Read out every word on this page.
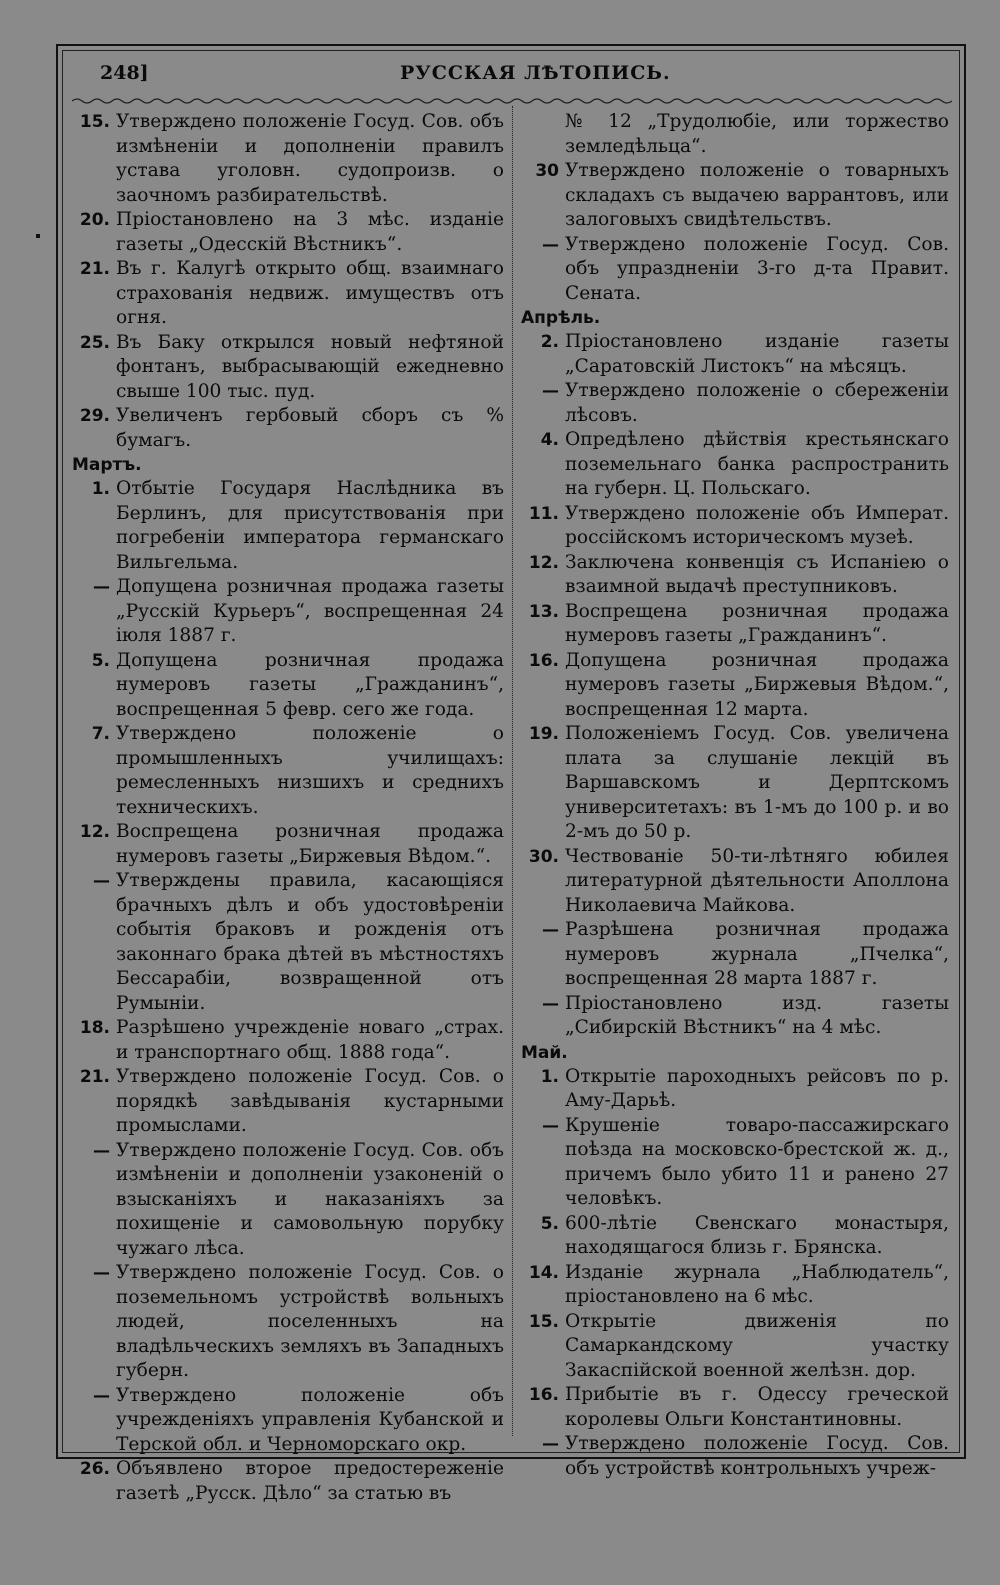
248]	РУССКАЯ ЛѢТОПИСЬ.
15. Утверждено положеніе Госуд. Сов. объ измѣненіи и дополненіи правилъ устава уголовн. судопроизв. о заочномъ разбирательствѣ.
20. Пріостановлено на 3 мѣс. изданіе газеты „Одесскій Вѣстникъ“.
21. Въ г. Калугѣ открыто общ. взаимнаго страхованія недвиж. имуществъ отъ огня.
25. Въ Баку открылся новый нефтяной фонтанъ, выбрасывающій ежедневно свыше 100 тыс. пуд.
29. Увеличенъ гербовый сборъ съ % бумагъ.
Мартъ.
1. Отбытіе Государя Наслѣдника въ Берлинъ, для присутствованія при погребеніи императора германскаго Вильгельма.
— Допущена розничная продажа газеты „Русскій Курьеръ“, воспрещенная 24 іюля 1887 г.
5. Допущена розничная продажа нумеровъ газеты „Гражданинъ“, воспрещенная 5 февр. сего же года.
7. Утверждено положеніе о промышленныхъ училищахъ: ремесленныхъ низшихъ и среднихъ техническихъ.
12. Воспрещена розничная продажа нумеровъ газеты „Биржевыя Вѣдом.“.
— Утверждены правила, касающіяся брачныхъ дѣлъ и объ удостовѣреніи событія браковъ и рожденія отъ законнаго брака дѣтей въ мѣстностяхъ Бессарабіи, возвращенной отъ Румыніи.
18. Разрѣшено учрежденіе новаго „страх. и транспортнаго общ. 1888 года“.
21. Утверждено положеніе Госуд. Сов. о порядкѣ завѣдыванія кустарными промыслами.
— Утверждено положеніе Госуд. Сов. объ измѣненіи и дополненіи узаконеній о взысканіяхъ и наказаніяхъ за похищеніе и самовольную порубку чужаго лѣса.
— Утверждено положеніе Госуд. Сов. о поземельномъ устройствѣ вольныхъ людей, поселенныхъ на владѣльческихъ земляхъ въ Западныхъ губерн.
— Утверждено положеніе объ учрежденіяхъ управленія Кубанской и Терской обл. и Черноморскаго окр.
26. Объявлено второе предостереженіе газетѣ „Русск. Дѣло“ за статью въ
№ 12 „Трудолюбіе, или торжество земледѣльца“.
30 Утверждено положеніе о товарныхъ складахъ съ выдачею варрантовъ, или залоговыхъ свидѣтельствъ.
— Утверждено положеніе Госуд. Сов. объ упраздненіи 3-го д-та Правит. Сената.
Апрѣль.
2. Пріостановлено изданіе газеты „Саратовскій Листокъ“ на мѣсяцъ.
— Утверждено положеніе о сбереженіи лѣсовъ.
4. Опредѣлено дѣйствія крестьянскаго поземельнаго банка распространить на губерн. Ц. Польскаго.
11. Утверждено положеніе объ Императ. россійскомъ историческомъ музеѣ.
12. Заключена конвенція съ Испаніею о взаимной выдачѣ преступниковъ.
13. Воспрещена розничная продажа нумеровъ газеты „Гражданинъ“.
16. Допущена розничная продажа нумеровъ газеты „Биржевыя Вѣдом.“, воспрещенная 12 марта.
19. Положеніемъ Госуд. Сов. увеличена плата за слушаніе лекцій въ Варшавскомъ и Дерптскомъ университетахъ: въ 1-мъ до 100 р. и во 2-мъ до 50 р.
30. Чествованіе 50-ти-лѣтняго юбилея литературной дѣятельности Аполлона Николаевича Майкова.
— Разрѣшена розничная продажа нумеровъ журнала „Пчелка“, воспрещенная 28 марта 1887 г.
— Пріостановлено изд. газеты „Сибирскій Вѣстникъ“ на 4 мѣс.
Май.
1. Открытіе пароходныхъ рейсовъ по р. Аму-Дарьѣ.
— Крушеніе товаро-пассажирскаго поѣзда на московско-брестской ж. д., причемъ было убито 11 и ранено 27 человѣкъ.
5. 600-лѣтіе Свенскаго монастыря, находящагося близь г. Брянска.
14. Изданіе журнала „Наблюдатель“, пріостановлено на 6 мѣс.
15. Открытіе движенія по Самаркандскому участку Закаспійской военной желѣзн. дор.
16. Прибытіе въ г. Одессу греческой королевы Ольги Константиновны.
— Утверждено положеніе Госуд. Сов. объ устройствѣ контрольныхъ учреж-
